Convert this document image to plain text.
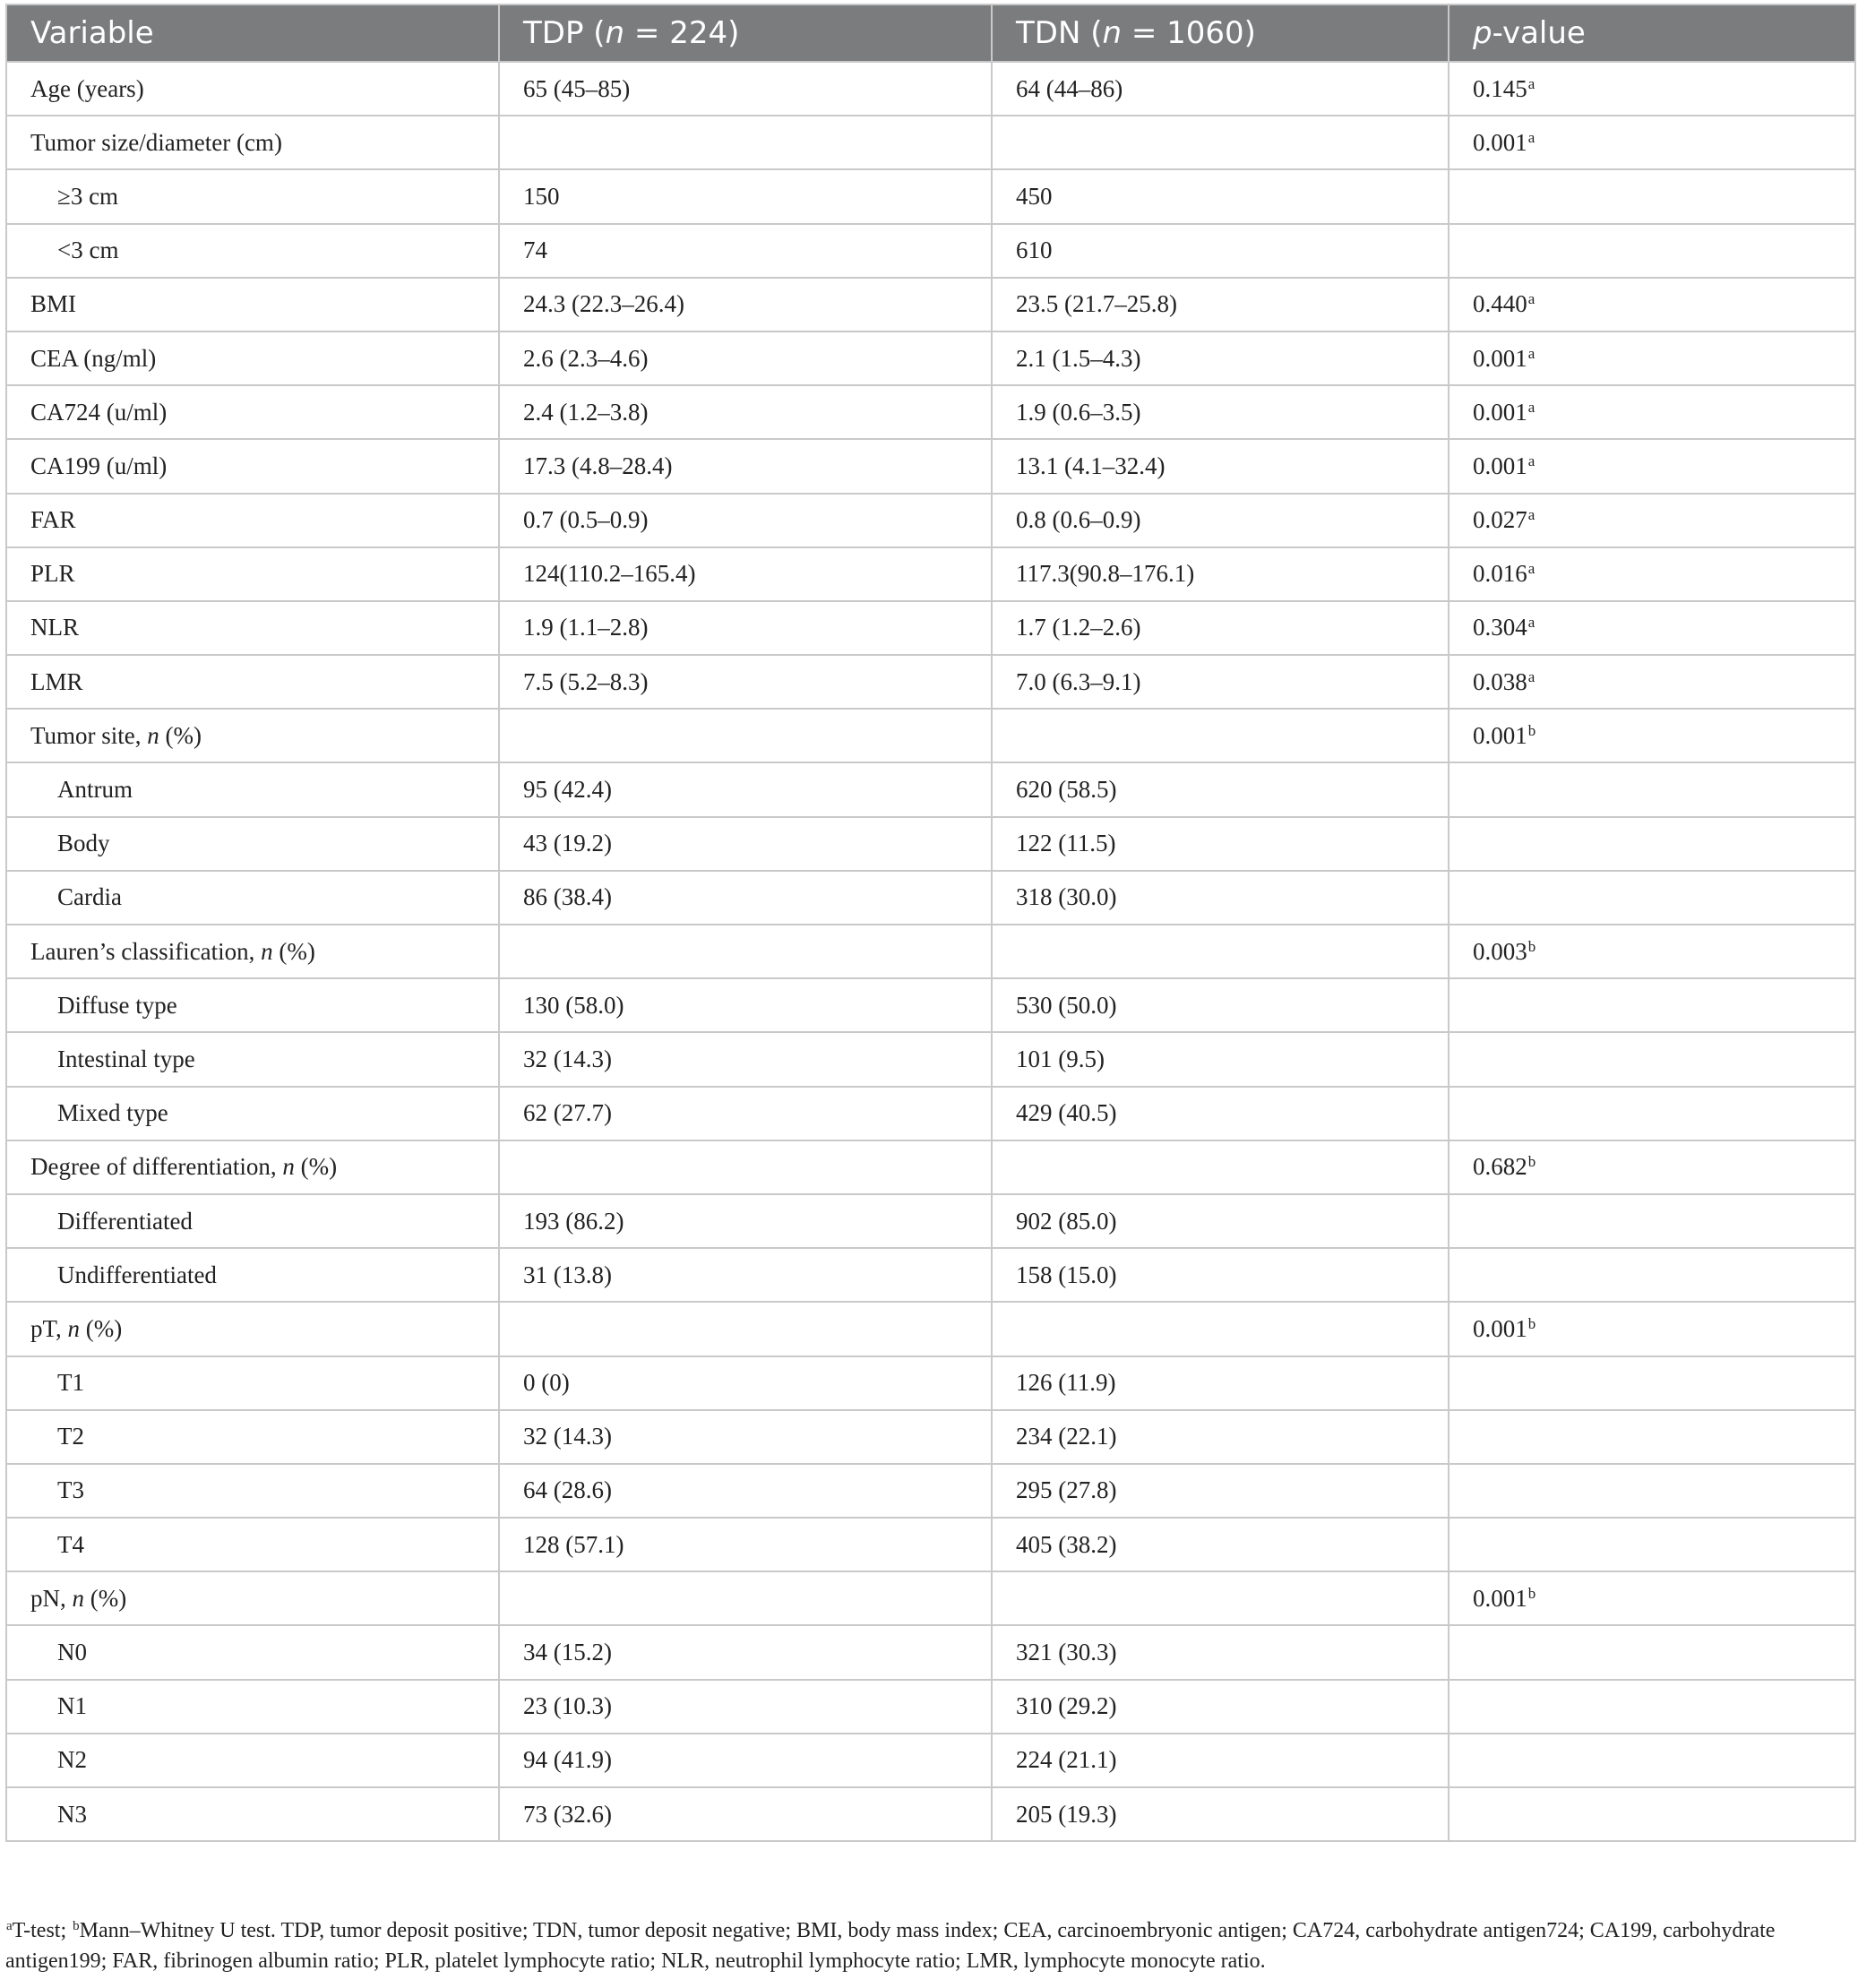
Variable	TDP (n = 224)	TDN (n = 1060)	p-value
Age (years)	65 (45–85)	64 (44–86)	0.145$^a$
Tumor size/diameter (cm)			0.001$^a$
≥3 cm	150	450	
<3 cm	74	610	
BMI	24.3 (22.3–26.4)	23.5 (21.7–25.8)	0.440$^a$
CEA (ng/ml)	2.6 (2.3–4.6)	2.1 (1.5–4.3)	0.001$^a$
CA724 (u/ml)	2.4 (1.2–3.8)	1.9 (0.6–3.5)	0.001$^a$
CA199 (u/ml)	17.3 (4.8–28.4)	13.1 (4.1–32.4)	0.001$^a$
FAR	0.7 (0.5–0.9)	0.8 (0.6–0.9)	0.027$^a$
PLR	124(110.2–165.4)	117.3(90.8–176.1)	0.016$^a$
NLR	1.9 (1.1–2.8)	1.7 (1.2–2.6)	0.304$^a$
LMR	7.5 (5.2–8.3)	7.0 (6.3–9.1)	0.038$^a$
Tumor site, n (%)			0.001$^b$
Antrum	95 (42.4)	620 (58.5)	
Body	43 (19.2)	122 (11.5)	
Cardia	86 (38.4)	318 (30.0)	
Lauren’s classification, n (%)			0.003$^b$
Diffuse type	130 (58.0)	530 (50.0)	
Intestinal type	32 (14.3)	101 (9.5)	
Mixed type	62 (27.7)	429 (40.5)	
Degree of differentiation, n (%)			0.682$^b$
Differentiated	193 (86.2)	902 (85.0)	
Undifferentiated	31 (13.8)	158 (15.0)	
pT, n (%)			0.001$^b$
T1	0 (0)	126 (11.9)	
T2	32 (14.3)	234 (22.1)	
T3	64 (28.6)	295 (27.8)	
T4	128 (57.1)	405 (38.2)	
pN, n (%)			0.001$^b$
N0	34 (15.2)	321 (30.3)	
N1	23 (10.3)	310 (29.2)	
N2	94 (41.9)	224 (21.1)	
N3	73 (32.6)	205 (19.3)	
$^a$T-test; $^b$Mann–Whitney U test. TDP, tumor deposit positive; TDN, tumor deposit negative; BMI, body mass index; CEA, carcinoembryonic antigen; CA724, carbohydrate antigen724; CA199, carbohydrate antigen199; FAR, fibrinogen albumin ratio; PLR, platelet lymphocyte ratio; NLR, neutrophil lymphocyte ratio; LMR, lymphocyte monocyte ratio.
